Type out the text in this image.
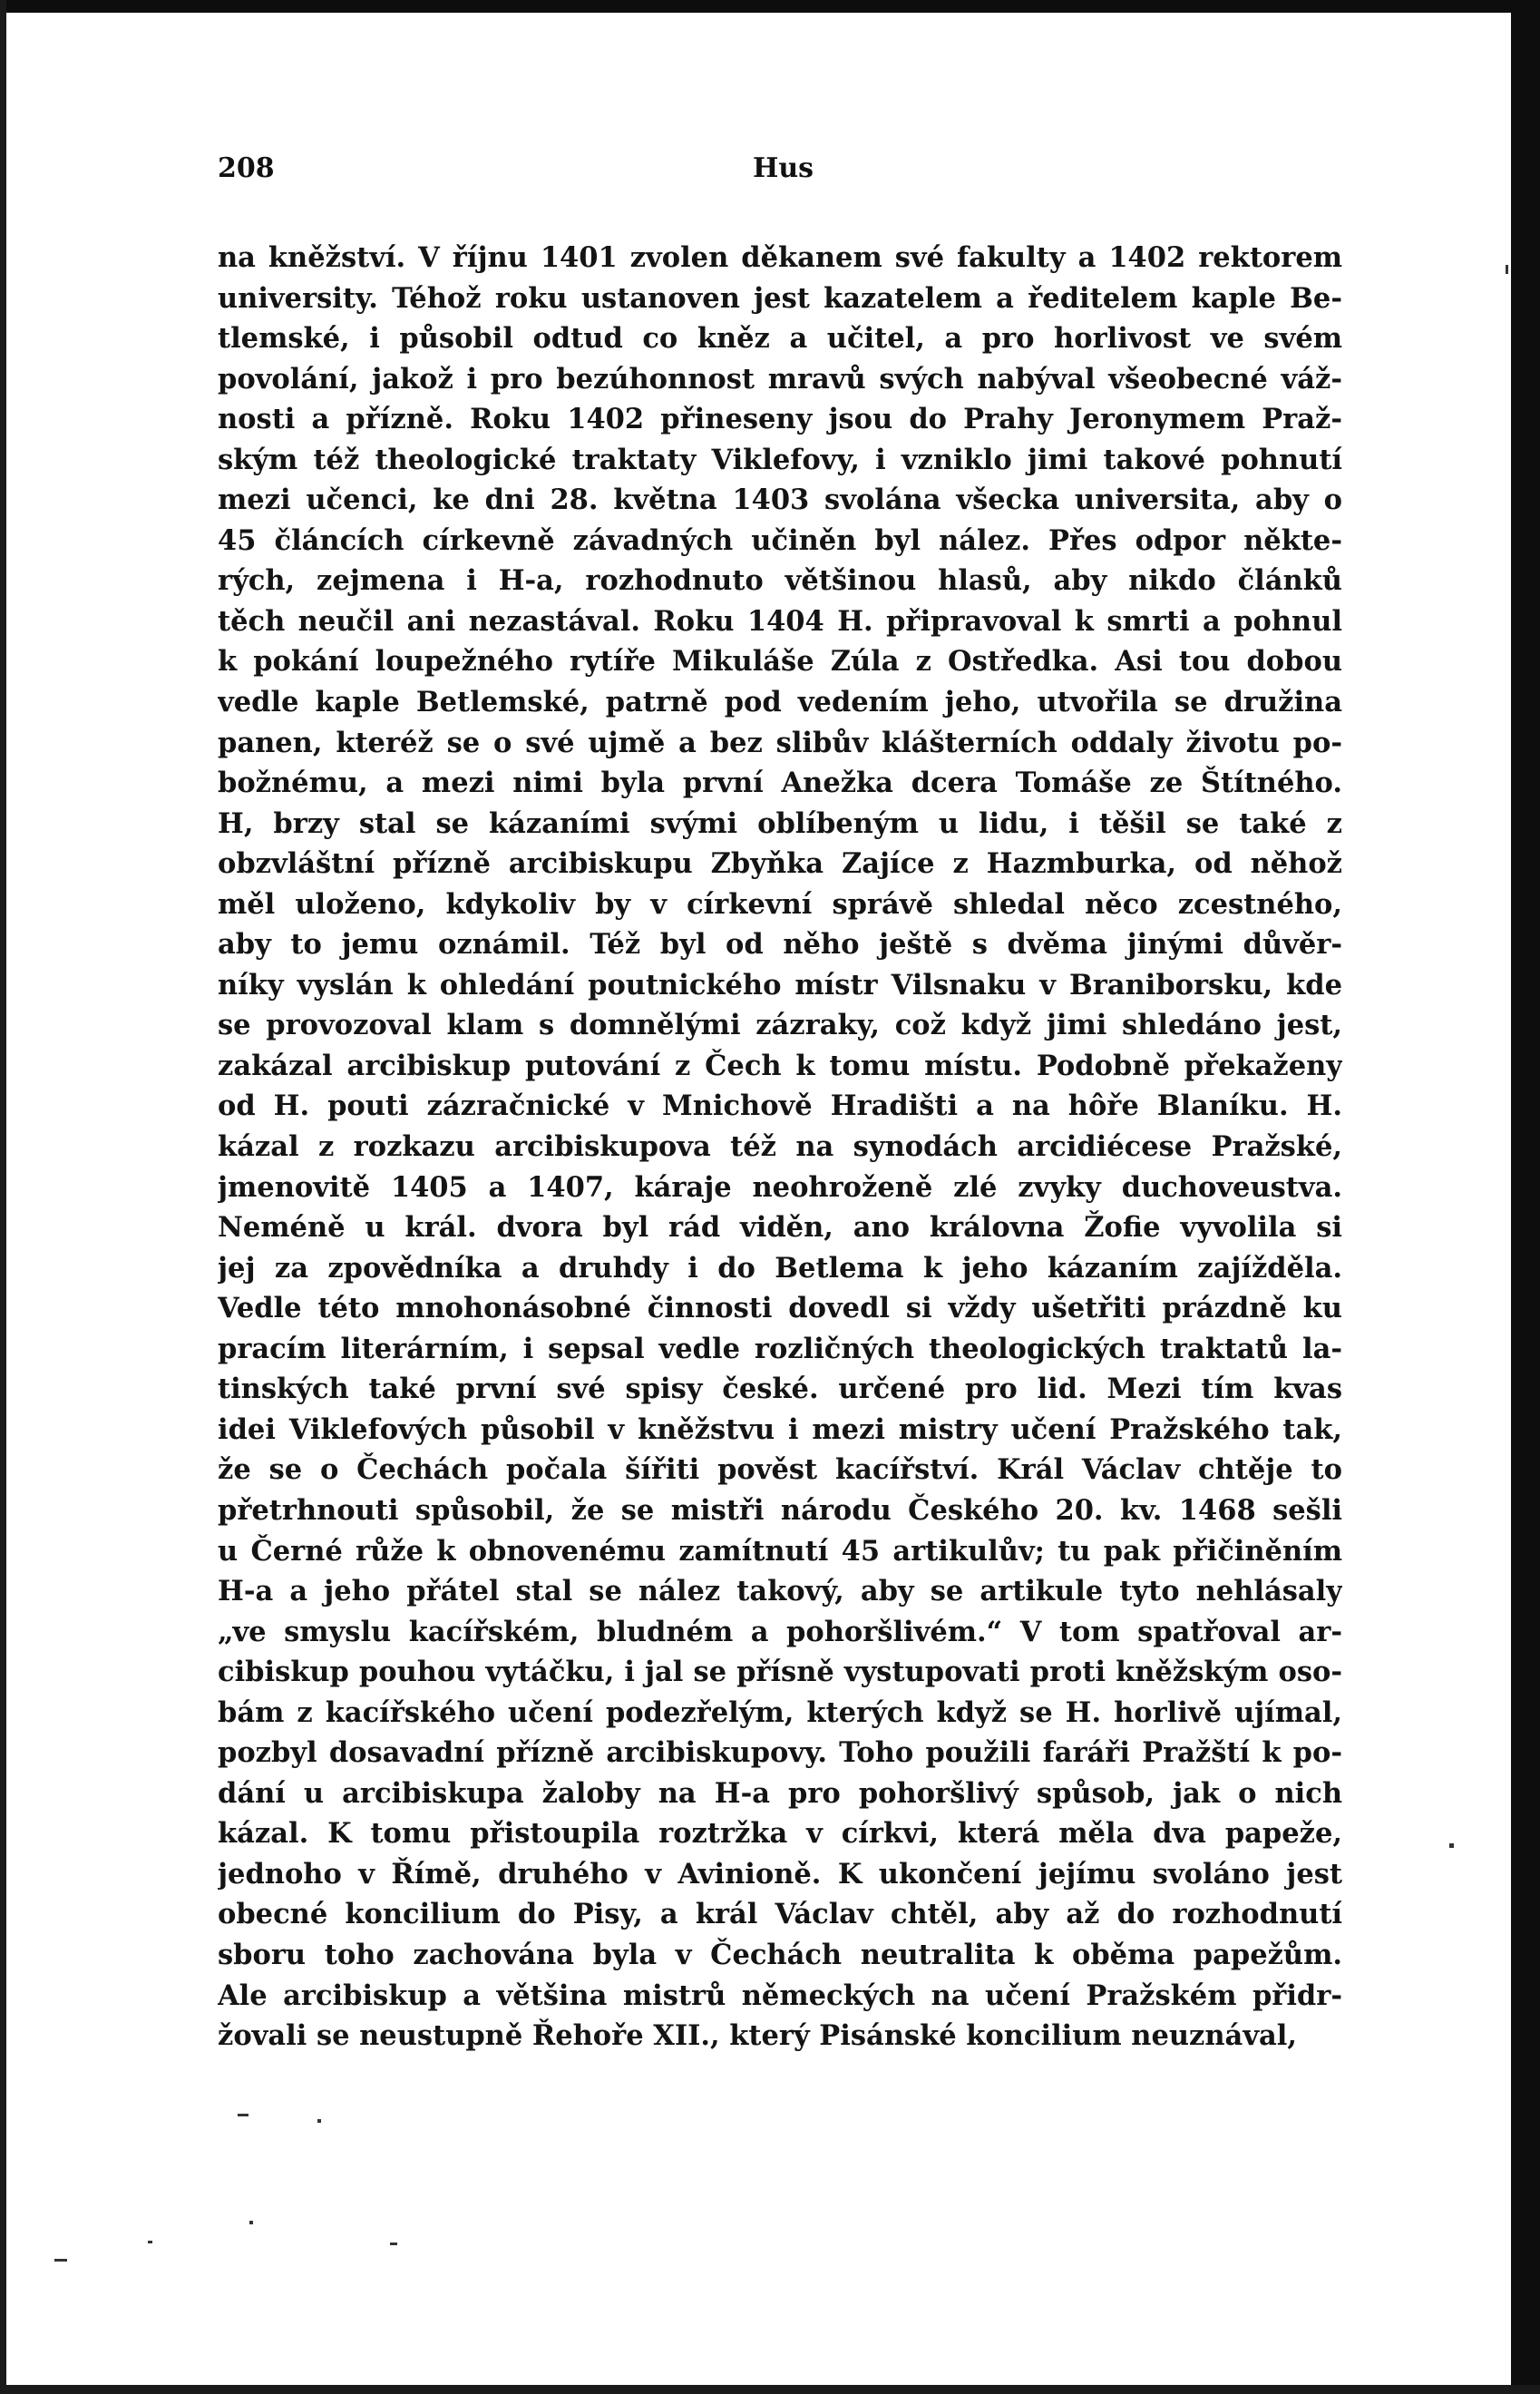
208	Hus
na kněžství. V říjnu 1401 zvolen děkanem své fakulty a 1402 rektorem
university. Téhož roku ustanoven jest kazatelem a ředitelem kaple Be-
tlemské, i působil odtud co kněz a učitel, a pro horlivost ve svém
povolání, jakož i pro bezúhonnost mravů svých nabýval všeobecné váž-
nosti a přízně. Roku 1402 přineseny jsou do Prahy Jeronymem Praž-
ským též theologické traktaty Viklefovy, i vzniklo jimi takové pohnutí
mezi učenci, ke dni 28. května 1403 svolána všecka universita, aby o
45 článcích církevně závadných učiněn byl nález. Přes odpor někte-
rých, zejmena i H-a, rozhodnuto většinou hlasů, aby nikdo článků
těch neučil ani nezastával. Roku 1404 H. připravoval k smrti a pohnul
k pokání loupežného rytíře Mikuláše Zúla z Ostředka. Asi tou dobou
vedle kaple Betlemské, patrně pod vedením jeho, utvořila se družina
panen, kteréž se o své ujmě a bez slibův klášterních oddaly životu po-
božnému, a mezi nimi byla první Anežka dcera Tomáše ze Štítného.
H, brzy stal se kázaními svými oblíbeným u lidu, i těšil se také z
obzvláštní přízně arcibiskupu Zbyňka Zajíce z Hazmburka, od něhož
měl uloženo, kdykoliv by v církevní správě shledal něco zcestného,
aby to jemu oznámil. Též byl od něho ještě s dvěma jinými důvěr-
níky vyslán k ohledání poutnického místr Vilsnaku v Braniborsku, kde
se provozoval klam s domnělými zázraky, což když jimi shledáno jest,
zakázal arcibiskup putování z Čech k tomu místu. Podobně překaženy
od H. pouti zázračnické v Mnichově Hradišti a na hôře Blaníku. H.
kázal z rozkazu arcibiskupova též na synodách arcidiécese Pražské,
jmenovitě 1405 a 1407, káraje neohroženě zlé zvyky duchoveustva.
Neméně u král. dvora byl rád viděn, ano královna Žofie vyvolila si
jej za zpovědníka a druhdy i do Betlema k jeho kázaním zajížděla.
Vedle této mnohonásobné činnosti dovedl si vždy ušetřiti prázdně ku
pracím literárním, i sepsal vedle rozličných theologických traktatů la-
tinských také první své spisy české. určené pro lid. Mezi tím kvas
idei Viklefových působil v kněžstvu i mezi mistry učení Pražského tak,
že se o Čechách počala šířiti pověst kacířství. Král Václav chtěje to
přetrhnouti spůsobil, že se mistři národu Českého 20. kv. 1468 sešli
u Černé růže k obnovenému zamítnutí 45 artikulův; tu pak přičiněním
H-a a jeho přátel stal se nález takový, aby se artikule tyto nehlásaly
„ve smyslu kacířském, bludném a pohoršlivém.“ V tom spatřoval ar-
cibiskup pouhou vytáčku, i jal se přísně vystupovati proti kněžským oso-
bám z kacířského učení podezřelým, kterých když se H. horlivě ujímal,
pozbyl dosavadní přízně arcibiskupovy. Toho použili faráři Pražští k po-
dání u arcibiskupa žaloby na H-a pro pohoršlivý spůsob, jak o nich
kázal. K tomu přistoupila roztržka v církvi, která měla dva papeže,
jednoho v Římě, druhého v Avinioně. K ukončení jejímu svoláno jest
obecné koncilium do Pisy, a král Václav chtěl, aby až do rozhodnutí
sboru toho zachována byla v Čechách neutralita k oběma papežům.
Ale arcibiskup a většina mistrů německých na učení Pražském přidr-
žovali se neustupně Řehoře XII., který Pisánské koncilium neuznával,
